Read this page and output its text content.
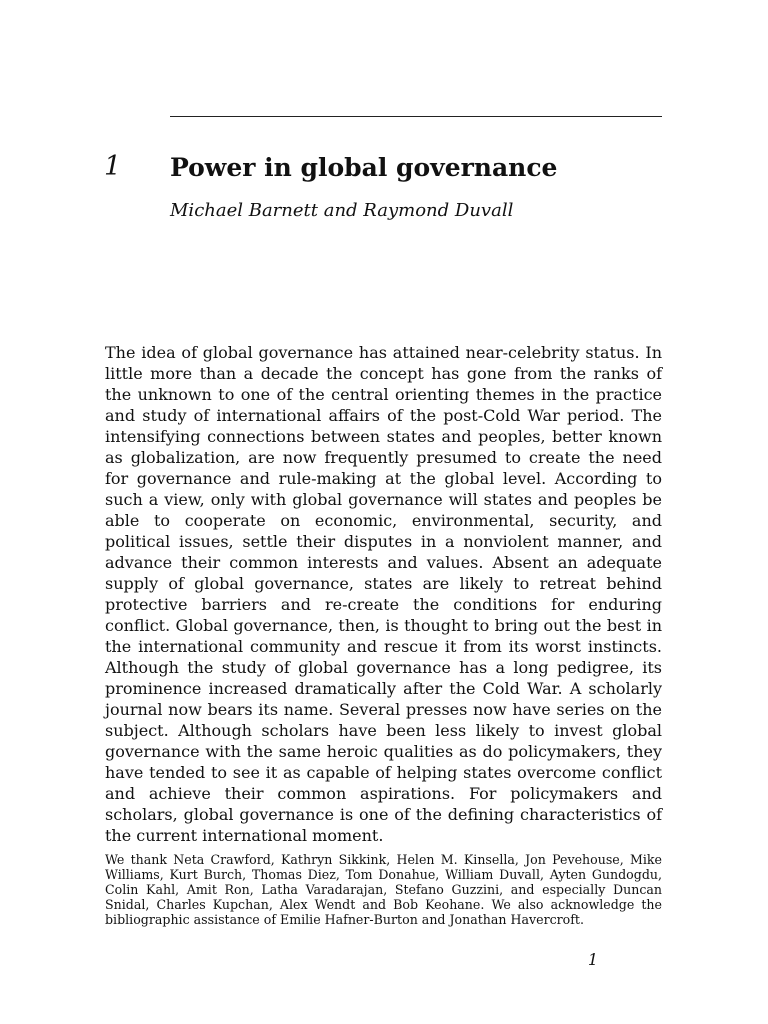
1 Power in global governance
Michael Barnett and Raymond Duvall

The idea of global governance has attained near-celebrity status. In little more than a decade the concept has gone from the ranks of the unknown to one of the central orienting themes in the practice and study of international affairs of the post-Cold War period. The intensifying connections between states and peoples, better known as globalization, are now frequently presumed to create the need for governance and rule-making at the global level. According to such a view, only with global governance will states and peoples be able to cooperate on economic, environmental, security, and political issues, settle their disputes in a nonviolent manner, and advance their common interests and values. Absent an adequate supply of global governance, states are likely to retreat behind protective barriers and re-create the conditions for enduring conflict. Global governance, then, is thought to bring out the best in the international community and rescue it from its worst instincts. Although the study of global governance has a long pedigree, its prominence increased dramatically after the Cold War. A scholarly journal now bears its name. Several presses now have series on the subject. Although scholars have been less likely to invest global governance with the same heroic qualities as do policymakers, they have tended to see it as capable of helping states overcome conflict and achieve their common aspirations. For policymakers and scholars, global governance is one of the defining characteristics of the current international moment.

We thank Neta Crawford, Kathryn Sikkink, Helen M. Kinsella, Jon Pevehouse, Mike Williams, Kurt Burch, Thomas Diez, Tom Donahue, William Duvall, Ayten Gundogdu, Colin Kahl, Amit Ron, Latha Varadarajan, Stefano Guzzini, and especially Duncan Snidal, Charles Kupchan, Alex Wendt and Bob Keohane. We also acknowledge the bibliographic assistance of Emilie Hafner-Burton and Jonathan Havercroft.

1
